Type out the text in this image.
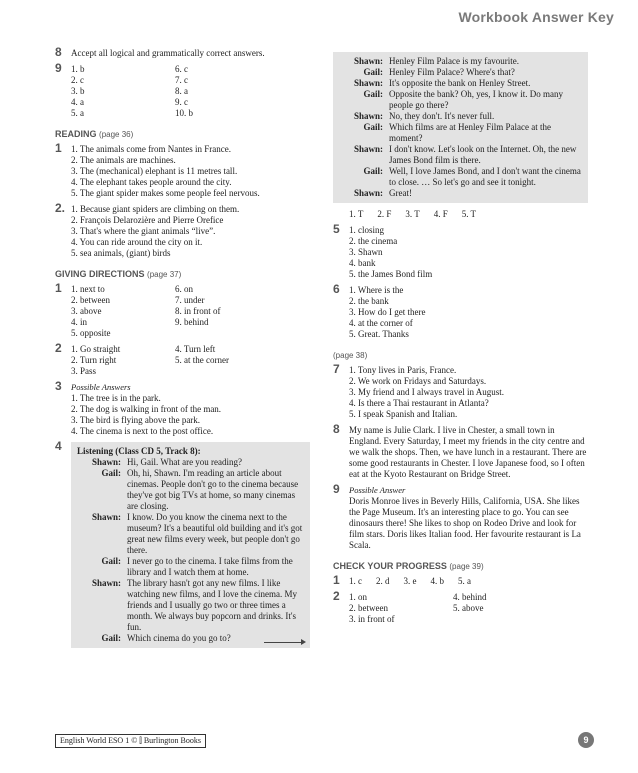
Workbook Answer Key
8 Accept all logical and grammatically correct answers.
9 1. b
2. c
3. b
4. a
5. a
6. c
7. c
8. a
9. c
10. b
READING (page 36)
1 1. The animals come from Nantes in France.
2. The animals are machines.
3. The (mechanical) elephant is 11 metres tall.
4. The elephant takes people around the city.
5. The giant spider makes some people feel nervous.
2. 1. Because giant spiders are climbing on them.
2. François Delarozière and Pierre Orefice
3. That's where the giant animals “live”.
4. You can ride around the city on it.
5. sea animals, (giant) birds
GIVING DIRECTIONS (page 37)
1 1. next to
2. between
3. above
4. in
5. opposite
6. on
7. under
8. in front of
9. behind
2 1. Go straight
2. Turn right
3. Pass
4. Turn left
5. at the corner
3 Possible Answers
1. The tree is in the park.
2. The dog is walking in front of the man.
3. The bird is flying above the park.
4. The cinema is next to the post office.
4 Listening (Class CD 5, Track 8):
Shawn: Hi, Gail. What are you reading?
Gail: Oh, hi, Shawn. I'm reading an article about cinemas. People don't go to the cinema because they've got big TVs at home, so many cinemas are closing.
Shawn: I know. Do you know the cinema next to the museum? It's a beautiful old building and it's got great new films every week, but people don't go there.
Gail: I never go to the cinema. I take films from the library and I watch them at home.
Shawn: The library hasn't got any new films. I like watching new films, and I love the cinema. My friends and I usually go two or three times a month. We always buy popcorn and drinks. It's fun.
Gail: Which cinema do you go to?
Shawn: Henley Film Palace is my favourite.
Gail: Henley Film Palace? Where's that?
Shawn: It's opposite the bank on Henley Street.
Gail: Opposite the bank? Oh, yes, I know it. Do many people go there?
Shawn: No, they don't. It's never full.
Gail: Which films are at Henley Film Palace at the moment?
Shawn: I don't know. Let's look on the Internet. Oh, the new James Bond film is there.
Gail: Well, I love James Bond, and I don't want the cinema to close. … So let's go and see it tonight.
Shawn: Great!
1. T 2. F 3. T 4. F 5. T
5 1. closing
2. the cinema
3. Shawn
4. bank
5. the James Bond film
6 1. Where is the
2. the bank
3. How do I get there
4. at the corner of
5. Great. Thanks
(page 38)
7 1. Tony lives in Paris, France.
2. We work on Fridays and Saturdays.
3. My friend and I always travel in August.
4. Is there a Thai restaurant in Atlanta?
5. I speak Spanish and Italian.
8 My name is Julie Clark. I live in Chester, a small town in England. Every Saturday, I meet my friends in the city centre and we walk the shops. Then, we have lunch in a restaurant. There are some good restaurants in Chester. I love Japanese food, so I often eat at the Kyoto Restaurant on Bridge Street.
9 Possible Answer
Doris Monroe lives in Beverly Hills, California, USA. She likes the Page Museum. It's an interesting place to go. You can see dinosaurs there! She likes to shop on Rodeo Drive and look for film stars. Doris likes Italian food. Her favourite restaurant is La Scala.
CHECK YOUR PROGRESS (page 39)
1 1. c 2. d 3. e 4. b 5. a
2 1. on
2. between
3. in front of
4. behind
5. above
English World ESO 1 © ⫿ Burlington Books	9
